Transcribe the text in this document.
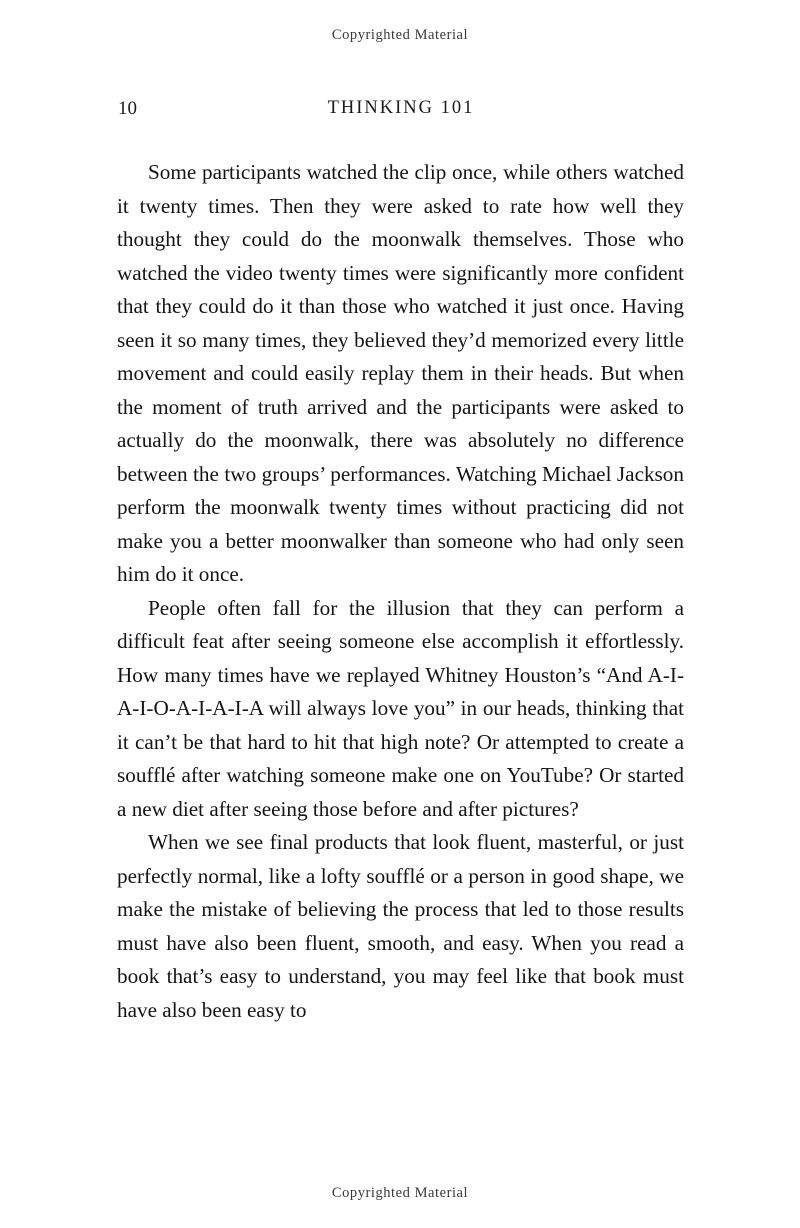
Copyrighted Material
10	THINKING 101

Some participants watched the clip once, while others watched it twenty times. Then they were asked to rate how well they thought they could do the moonwalk themselves. Those who watched the video twenty times were significantly more confident that they could do it than those who watched it just once. Having seen it so many times, they believed they’d memorized every little movement and could easily replay them in their heads. But when the moment of truth arrived and the participants were asked to actually do the moonwalk, there was absolutely no difference between the two groups’ performances. Watching Michael Jackson perform the moonwalk twenty times without practicing did not make you a better moonwalker than someone who had only seen him do it once.

People often fall for the illusion that they can perform a difficult feat after seeing someone else accomplish it effortlessly. How many times have we replayed Whitney Houston’s “And A-I-A-I-O-A-I-A-I-A will always love you” in our heads, thinking that it can’t be that hard to hit that high note? Or attempted to create a soufflé after watching someone make one on YouTube? Or started a new diet after seeing those before and after pictures?

When we see final products that look fluent, masterful, or just perfectly normal, like a lofty soufflé or a person in good shape, we make the mistake of believing the process that led to those results must have also been fluent, smooth, and easy. When you read a book that’s easy to understand, you may feel like that book must have also been easy to

Copyrighted Material
